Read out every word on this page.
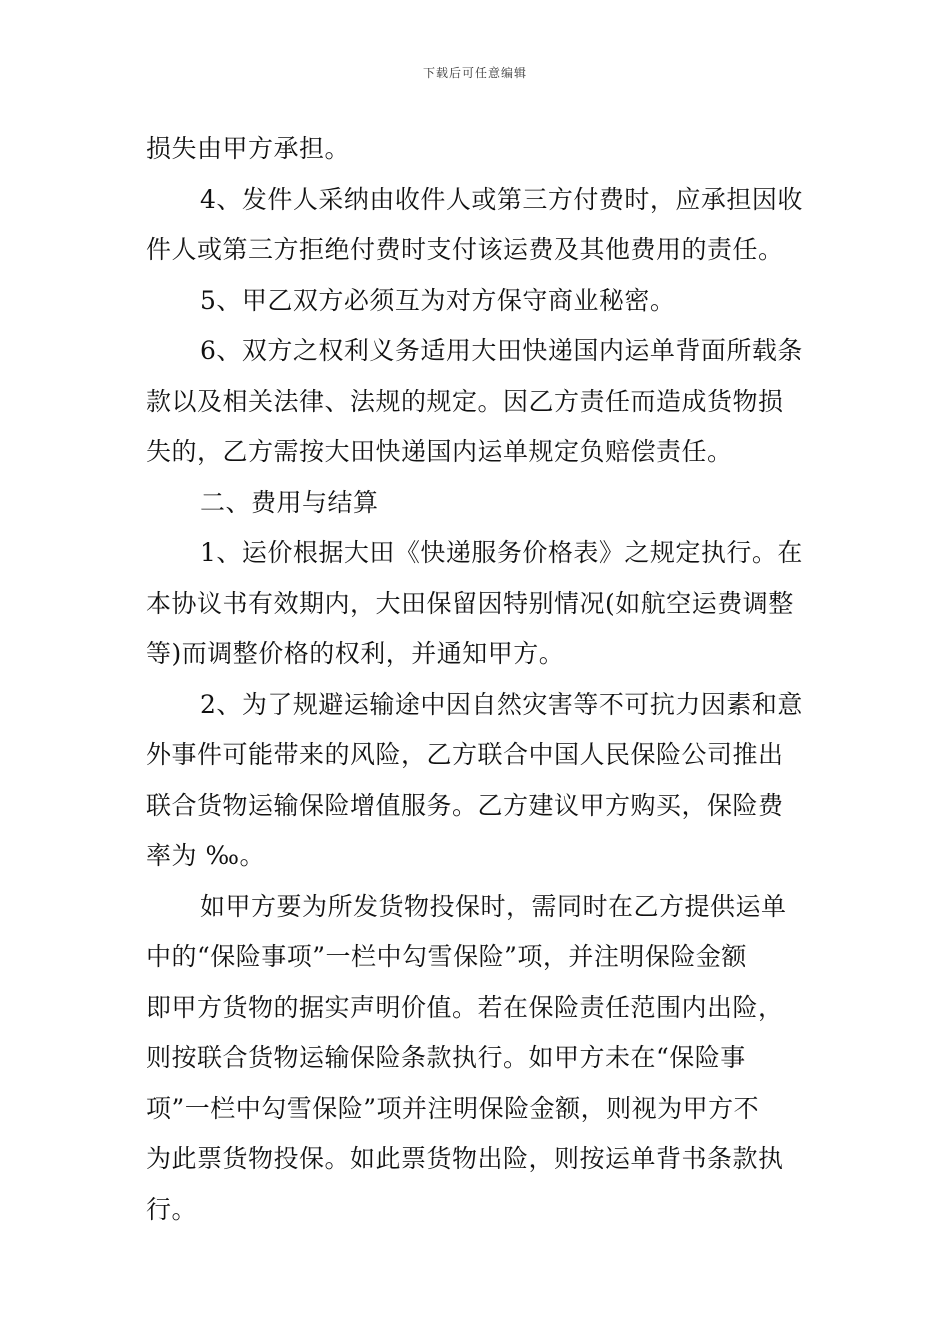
下载后可任意编辑
损失由甲方承担。
4、发件人采纳由收件人或第三方付费时，应承担因收
件人或第三方拒绝付费时支付该运费及其他费用的责任。
5、甲乙双方必须互为对方保守商业秘密。
6、双方之权利义务适用大田快递国内运单背面所载条
款以及相关法律、法规的规定。因乙方责任而造成货物损
失的，乙方需按大田快递国内运单规定负赔偿责任。
二、费用与结算
1、运价根据大田《快递服务价格表》之规定执行。在
本协议书有效期内，大田保留因特别情况(如航空运费调整
等)而调整价格的权利，并通知甲方。
2、为了规避运输途中因自然灾害等不可抗力因素和意
外事件可能带来的风险，乙方联合中国人民保险公司推出
联合货物运输保险增值服务。乙方建议甲方购买，保险费
率为 ‰。
如甲方要为所发货物投保时，需同时在乙方提供运单
中的“保险事项”一栏中勾雪保险”项，并注明保险金额
即甲方货物的据实声明价值。若在保险责任范围内出险，
则按联合货物运输保险条款执行。如甲方未在“保险事
项”一栏中勾雪保险”项并注明保险金额，则视为甲方不
为此票货物投保。如此票货物出险，则按运单背书条款执
行。
